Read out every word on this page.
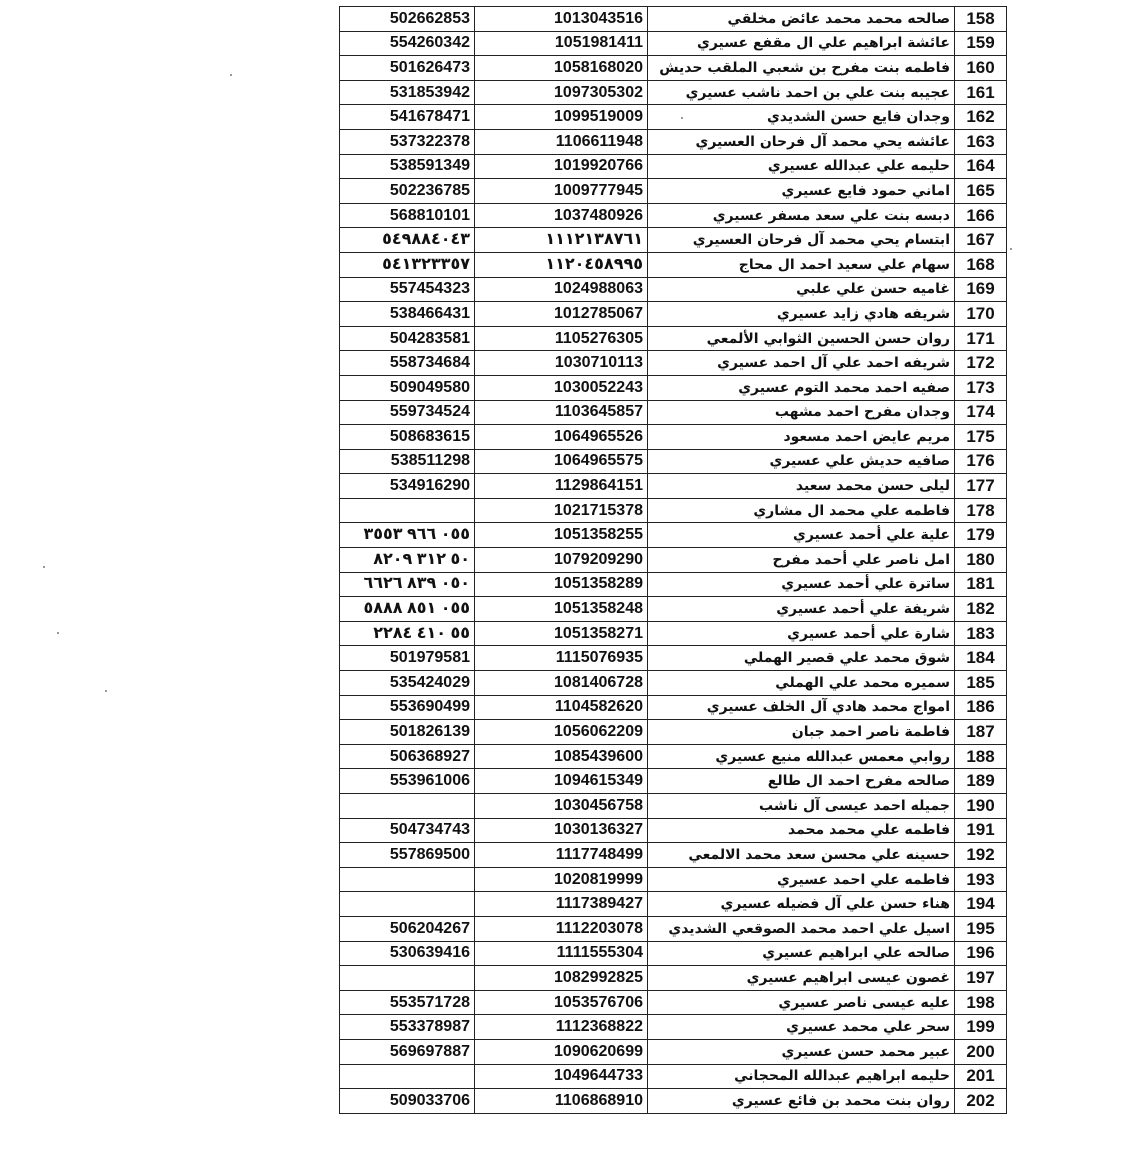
502662853	1013043516	صالحه محمد محمد عائض مخلقي	158
554260342	1051981411	عائشة ابراهيم علي ال مقفع عسيري	159
501626473	1058168020	فاطمه بنت مفرح بن شعبي الملقب حديش	160
531853942	1097305302	عجيبه بنت علي بن احمد ناشب عسيري	161
541678471	1099519009	وجدان فايع حسن الشديدي	162
537322378	1106611948	عائشه يحي محمد آل فرحان العسيري	163
538591349	1019920766	حليمه علي عبدالله عسيري	164
502236785	1009777945	اماني حمود فايع عسيري	165
568810101	1037480926	دبسه بنت علي سعد مسفر عسيري	166
٥٤٩٨٨٤٠٤٣	١١١٢١٣٨٧٦١	ابتسام يحي محمد آل فرحان العسيري	167
٥٤١٣٢٣٣٥٧	١١٢٠٤٥٨٩٩٥	سهام علي سعيد احمد ال محاج	168
557454323	1024988063	غاميه حسن علي علبي	169
538466431	1012785067	شريفه هادي زايد عسيري	170
504283581	1105276305	روان حسن الحسين الثوابي الألمعي	171
558734684	1030710113	شريفه احمد علي آل احمد عسيري	172
509049580	1030052243	صفيه احمد محمد التوم عسيري	173
559734524	1103645857	وجدان مفرح احمد مشهب	174
508683615	1064965526	مريم عايض احمد مسعود	175
538511298	1064965575	صافيه حديش علي عسيري	176
534916290	1129864151	ليلى حسن محمد سعيد	177
	1021715378	فاطمه علي محمد ال مشاري	178
٠٥٥ ٩٦٦ ٣٥٥٣	1051358255	علية علي أحمد عسيري	179
٥٠ ٣١٢ ٨٢٠٩	1079209290	امل ناصر علي أحمد مفرح	180
٠٥٠ ٨٣٩ ٦٦٢٦	1051358289	ساترة علي أحمد عسيري	181
٠٥٥ ٨٥١ ٥٨٨٨	1051358248	شريفة علي أحمد عسيري	182
٥٥ ٤١٠ ٢٢٨٤	1051358271	شارة علي أحمد عسيري	183
501979581	1115076935	شوق محمد علي قصير الهملي	184
535424029	1081406728	سميره محمد علي الهملي	185
553690499	1104582620	امواج محمد هادي آل الخلف عسيري	186
501826139	1056062209	فاطمة ناصر احمد جبان	187
506368927	1085439600	روابي معمس عبدالله منيع عسيري	188
553961006	1094615349	صالحه مفرح احمد ال طالع	189
	1030456758	جميله احمد عيسى آل ناشب	190
504734743	1030136327	فاطمه علي محمد محمد	191
557869500	1117748499	حسينه علي محسن سعد محمد الالمعي	192
	1020819999	فاطمه علي احمد عسيري	193
	1117389427	هناء حسن علي آل فضيله عسيري	194
506204267	1112203078	اسيل علي احمد محمد الصوقعي الشديدي	195
530639416	1111555304	صالحه علي ابراهيم عسيري	196
	1082992825	غصون عيسى ابراهيم عسيري	197
553571728	1053576706	عليه عيسى ناصر عسيري	198
553378987	1112368822	سحر علي محمد عسيري	199
569697887	1090620699	عبير محمد حسن عسيري	200
	1049644733	حليمه ابراهيم عبدالله المحجاني	201
509033706	1106868910	روان بنت محمد بن فائع عسيري	202
